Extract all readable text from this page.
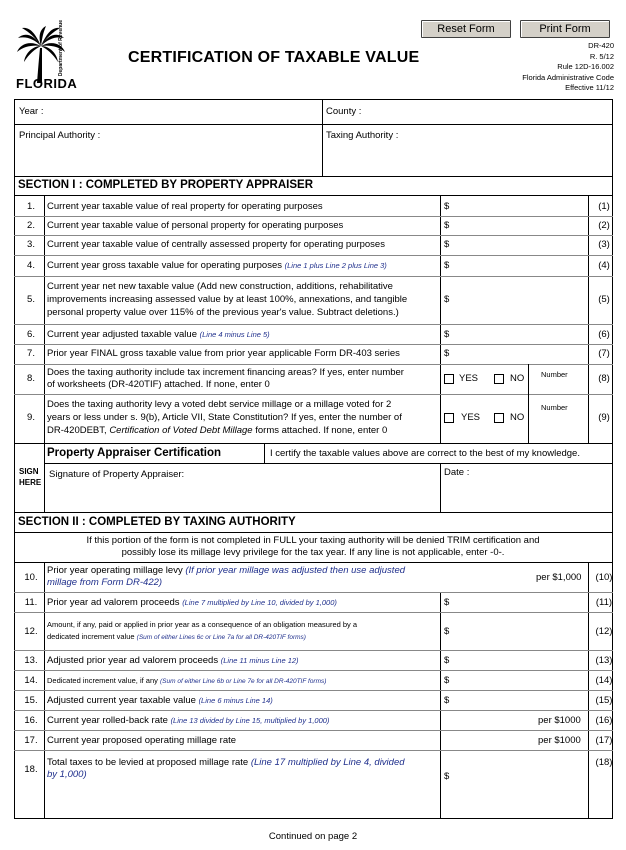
Department of Revenue
FLORIDA
CERTIFICATION OF TAXABLE VALUE
Reset Form	Print Form
DR-420
R. 5/12
Rule 12D-16.002
Florida Administrative Code
Effective 11/12
Year :	County :
Principal Authority :	Taxing Authority :
SECTION I : COMPLETED BY PROPERTY APPRAISER
1.	Current year taxable value of real property for operating purposes	$	(1)
2.	Current year taxable value of personal property for operating purposes	$	(2)
3.	Current year taxable value of centrally assessed property for operating purposes	$	(3)
4.	Current year gross taxable value for operating purposes (Line 1 plus Line 2 plus Line 3)	$	(4)
5.
Current year net new taxable value (Add new construction, additions, rehabilitative
improvements increasing assessed value by at least 100%, annexations, and tangible
personal property value over 115% of the previous year's value. Subtract deletions.)
$	(5)
6.	Current year adjusted taxable value (Line 4 minus Line 5)	$	(6)
7.	Prior year FINAL gross taxable value from prior year applicable Form DR-403 series	$	(7)
8.
Does the taxing authority include tax increment financing areas? If yes, enter number
of worksheets (DR-420TIF) attached. If none, enter 0
YES	NO Number	(8)
9.
Does the taxing authority levy a voted debt service millage or a millage voted for 2
years or less under s. 9(b), Article VII, State Constitution? If yes, enter the number of
DR-420DEBT, Certification of Voted Debt Millage forms attached. If none, enter 0
YES	NO
Number
(9)
Property Appraiser Certification	I certify the taxable values above are correct to the best of my knowledge.
SIGN
HERE
Signature of Property Appraiser:	Date :
SECTION II : COMPLETED BY TAXING AUTHORITY
If this portion of the form is not completed in FULL your taxing authority will be denied TRIM certification and
possibly lose its millage levy privilege for the tax year. If any line is not applicable, enter -0-.
10.
Prior year operating millage levy (If prior year millage was adjusted then use adjusted
millage from Form DR-422)	per $1,000	(10)
11.	Prior year ad valorem proceeds (Line 7 multiplied by Line 10, divided by 1,000)	$	(11)
12.
Amount, if any, paid or applied in prior year as a consequence of an obligation measured by a
dedicated increment value (Sum of either Lines 6c or Line 7a for all DR-420TIF forms)
$	(12)
13. Adjusted prior year ad valorem proceeds (Line 11 minus Line 12)	$	(13)
14.	Dedicated increment value, if any (Sum of either Line 6b or Line 7e for all DR-420TIF forms)	$	(14)
15. Adjusted current year taxable value (Line 6 minus Line 14)	$	(15)
16. Current year rolled-back rate (Line 13 divided by Line 15, multiplied by 1,000)	per $1000	(16)
17. Current year proposed operating millage rate	per $1000	(17)
18.
Total taxes to be levied at proposed millage rate (Line 17 multiplied by Line 4, divided
by 1,000)	$
(18)
Continued on page 2
